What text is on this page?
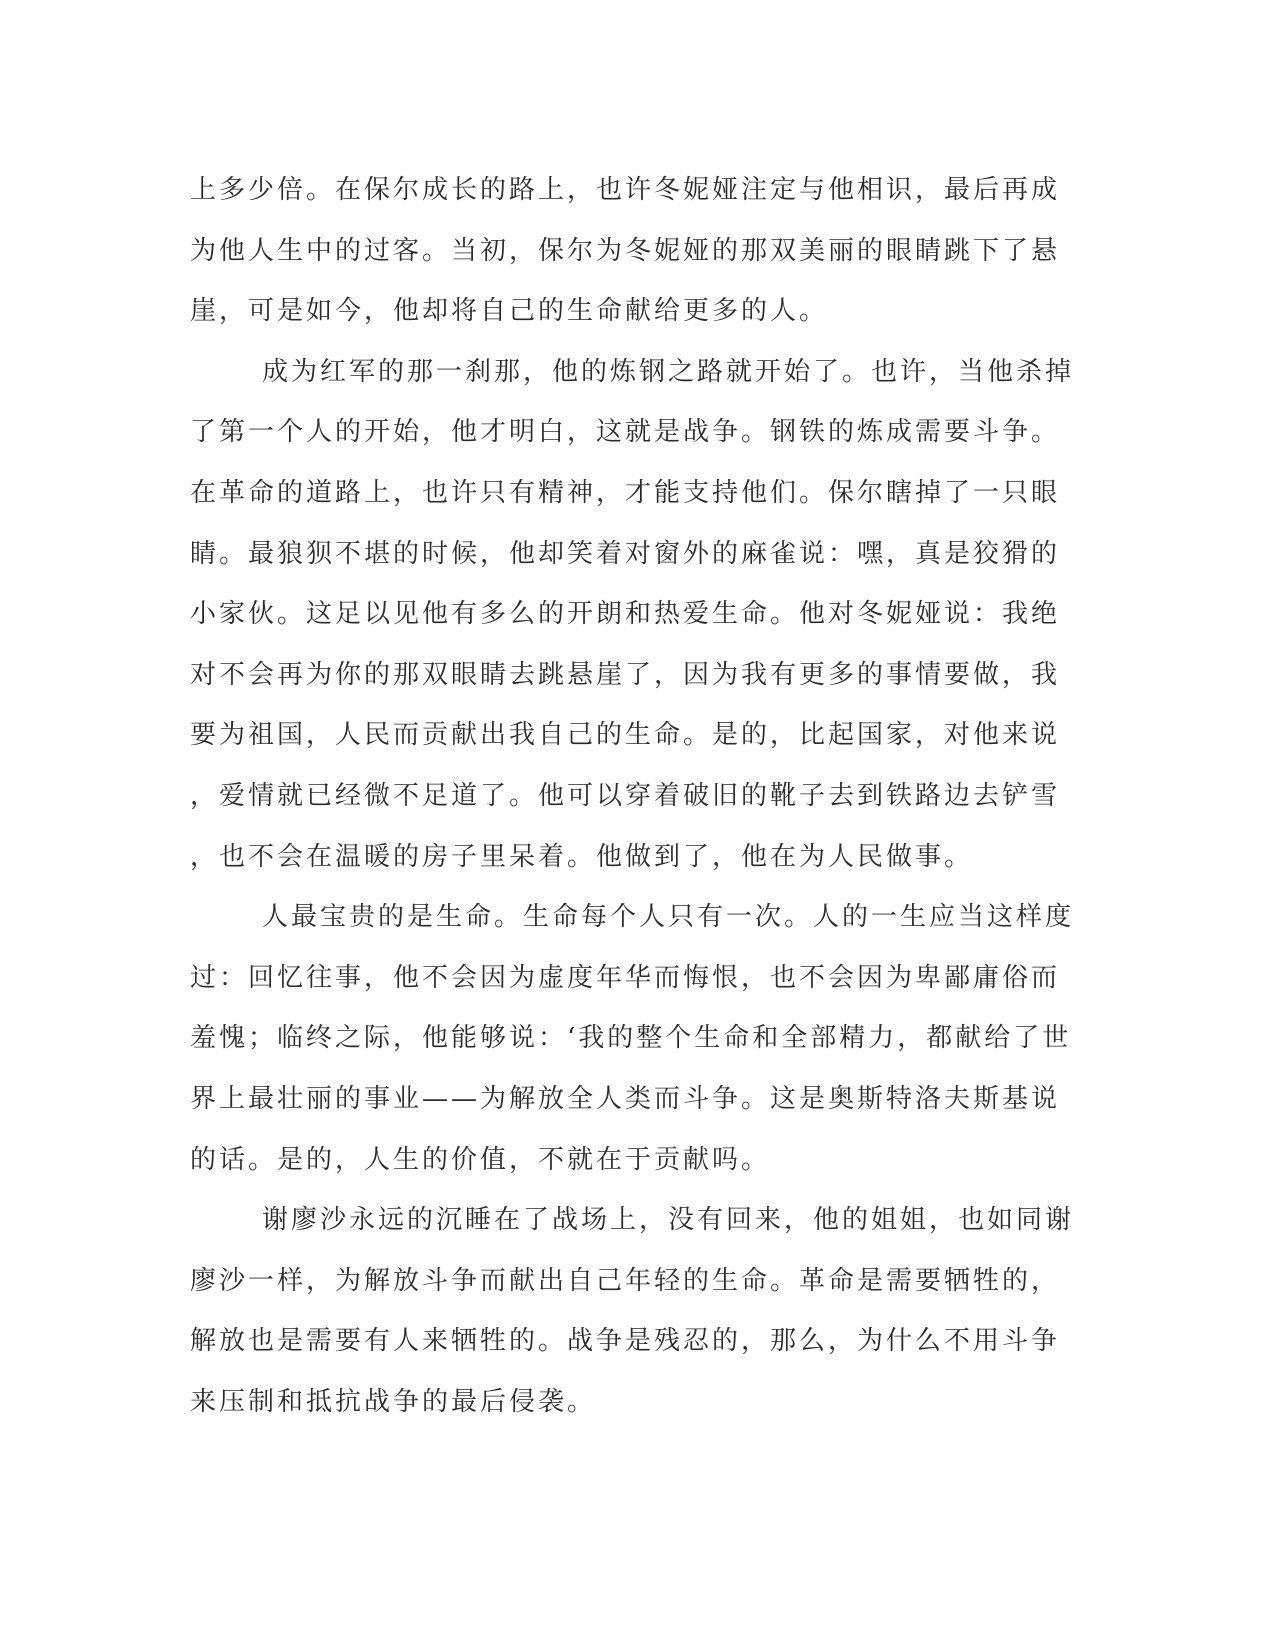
上多少倍。在保尔成长的路上，也许冬妮娅注定与他相识，最后再成
为他人生中的过客。当初，保尔为冬妮娅的那双美丽的眼睛跳下了悬
崖，可是如今，他却将自己的生命献给更多的人。
成为红军的那一刹那，他的炼钢之路就开始了。也许，当他杀掉
了第一个人的开始，他才明白，这就是战争。钢铁的炼成需要斗争。
在革命的道路上，也许只有精神，才能支持他们。保尔瞎掉了一只眼
睛。最狼狈不堪的时候，他却笑着对窗外的麻雀说：嘿，真是狡猾的
小家伙。这足以见他有多么的开朗和热爱生命。他对冬妮娅说：我绝
对不会再为你的那双眼睛去跳悬崖了，因为我有更多的事情要做，我
要为祖国，人民而贡献出我自己的生命。是的，比起国家，对他来说
，爱情就已经微不足道了。他可以穿着破旧的靴子去到铁路边去铲雪
，也不会在温暖的房子里呆着。他做到了，他在为人民做事。
人最宝贵的是生命。生命每个人只有一次。人的一生应当这样度
过：回忆往事，他不会因为虚度年华而悔恨，也不会因为卑鄙庸俗而
羞愧；临终之际，他能够说：‘我的整个生命和全部精力，都献给了世
界上最壮丽的事业——为解放全人类而斗争。这是奥斯特洛夫斯基说
的话。是的，人生的价值，不就在于贡献吗。
谢廖沙永远的沉睡在了战场上，没有回来，他的姐姐，也如同谢
廖沙一样，为解放斗争而献出自己年轻的生命。革命是需要牺牲的，
解放也是需要有人来牺牲的。战争是残忍的，那么，为什么不用斗争
来压制和抵抗战争的最后侵袭。
